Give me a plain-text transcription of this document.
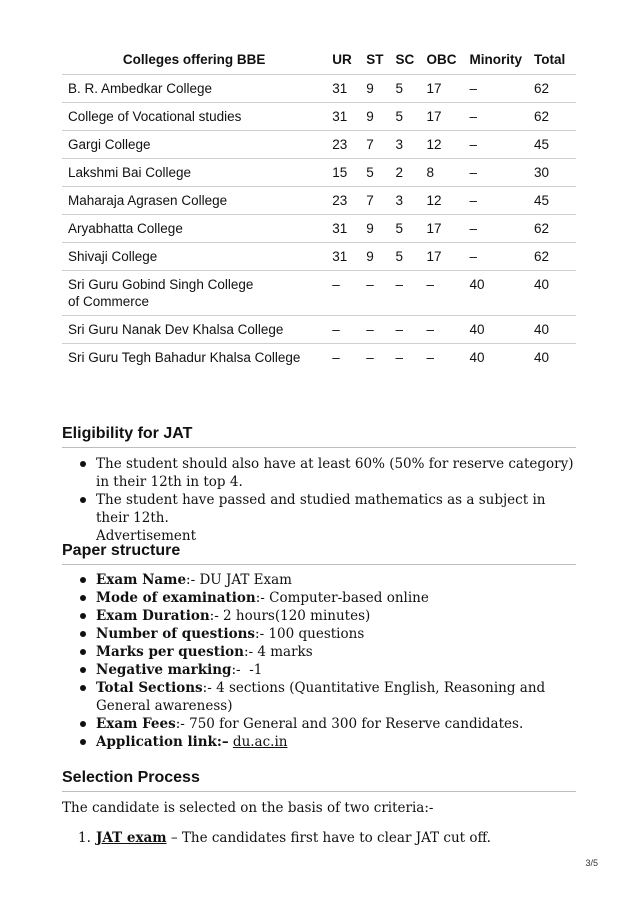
Colleges offering BBE	UR	ST	SC	OBC	Minority	Total
B. R. Ambedkar College	31	9	5	17	–	62
College of Vocational studies	31	9	5	17	–	62
Gargi College	23	7	3	12	–	45
Lakshmi Bai College	15	5	2	8	–	30
Maharaja Agrasen College	23	7	3	12	–	45
Aryabhatta College	31	9	5	17	–	62
Shivaji College	31	9	5	17	–	62
Sri Guru Gobind Singh College of Commerce	–	–	–	–	40	40
Sri Guru Nanak Dev Khalsa College	–	–	–	–	40	40
Sri Guru Tegh Bahadur Khalsa College	–	–	–	–	40	40
Eligibility for JAT
The student should also have at least 60% (50% for reserve category) in their 12th in top 4.
The student have passed and studied mathematics as a subject in their 12th.
Advertisement
Paper structure
Exam Name:- DU JAT Exam
Mode of examination:- Computer-based online
Exam Duration:- 2 hours(120 minutes)
Number of questions:- 100 questions
Marks per question:- 4 marks
Negative marking:-  -1
Total Sections:- 4 sections (Quantitative English, Reasoning and General awareness)
Exam Fees:- 750 for General and 300 for Reserve candidates.
Application link:– du.ac.in
Selection Process

The candidate is selected on the basis of two criteria:-

1. JAT exam – The candidates first have to clear JAT cut off.
3/5
